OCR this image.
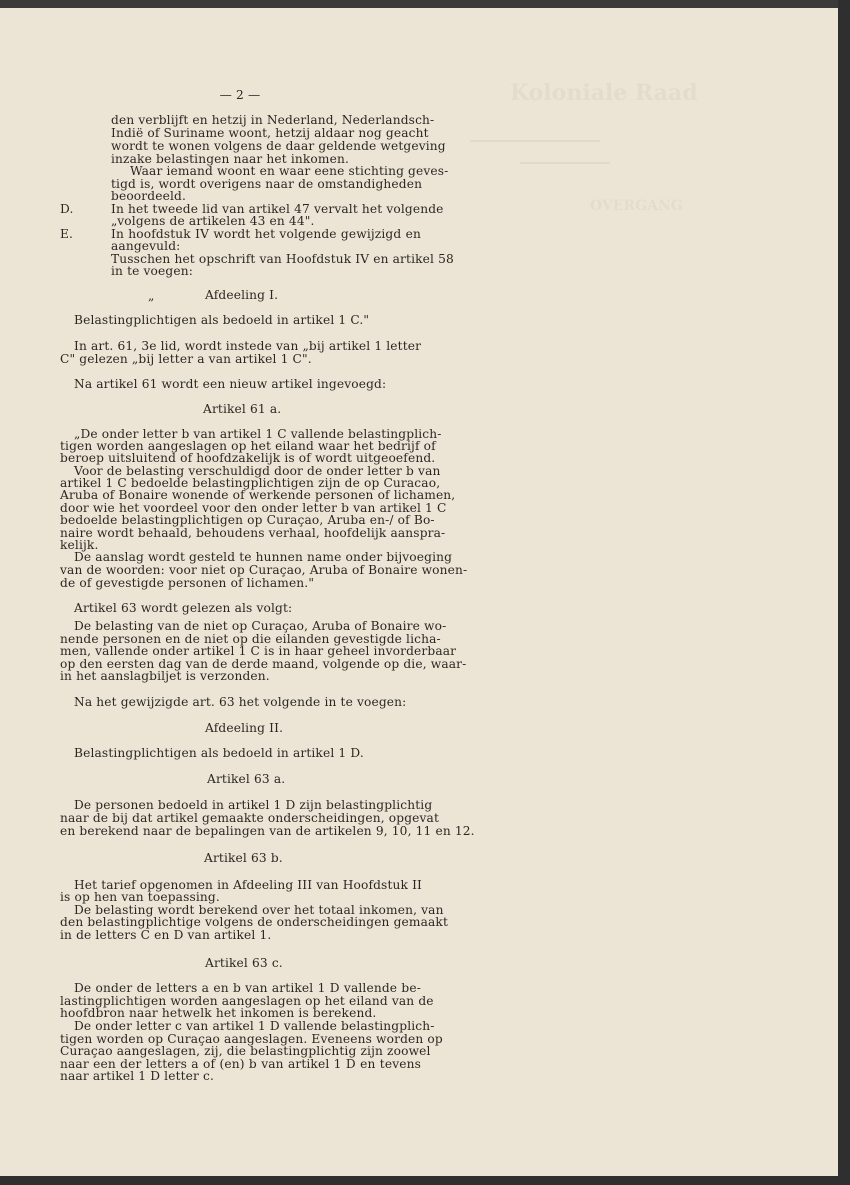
Koloniale Raad
OVERGANG
— 2 —
den verblijft en hetzij in Nederland, Nederlandsch-
Indië of Suriname woont, hetzij aldaar nog geacht
wordt te wonen volgens de daar geldende wetgeving
inzake belastingen naar het inkomen.
Waar iemand woont en waar eene stichting geves-
tigd is, wordt overigens naar de omstandigheden
beoordeeld.
D.	In het tweede lid van artikel 47 vervalt het volgende
„volgens de artikelen 43 en 44".
E.	In hoofdstuk IV wordt het volgende gewijzigd en
aangevuld:
Tusschen het opschrift van Hoofdstuk IV en artikel 58
in te voegen:
„	Afdeeling I.
Belastingplichtigen als bedoeld in artikel 1 C."
In art. 61, 3e lid, wordt instede van „bij artikel 1 letter
C" gelezen „bij letter a van artikel 1 C".
Na artikel 61 wordt een nieuw artikel ingevoegd:
Artikel 61 a.
„De onder letter b van artikel 1 C vallende belastingplich-
tigen worden aangeslagen op het eiland waar het bedrijf of
beroep uitsluitend of hoofdzakelijk is of wordt uitgeoefend.
Voor de belasting verschuldigd door de onder letter b van
artikel 1 C bedoelde belastingplichtigen zijn de op Curacao,
Aruba of Bonaire wonende of werkende personen of lichamen,
door wie het voordeel voor den onder letter b van artikel 1 C
bedoelde belastingplichtigen op Curaçao, Aruba en-/ of Bo-
naire wordt behaald, behoudens verhaal, hoofdelijk aanspra-
kelijk.
De aanslag wordt gesteld te hunnen name onder bijvoeging
van de woorden: voor niet op Curaçao, Aruba of Bonaire wonen-
de of gevestigde personen of lichamen."
Artikel 63 wordt gelezen als volgt:
De belasting van de niet op Curaçao, Aruba of Bonaire wo-
nende personen en de niet op die eilanden gevestigde licha-
men, vallende onder artikel 1 C is in haar geheel invorderbaar
op den eersten dag van de derde maand, volgende op die, waar-
in het aanslagbiljet is verzonden.
Na het gewijzigde art. 63 het volgende in te voegen:
Afdeeling II.
Belastingplichtigen als bedoeld in artikel 1 D.
Artikel 63 a.
De personen bedoeld in artikel 1 D zijn belastingplichtig
naar de bij dat artikel gemaakte onderscheidingen, opgevat
en berekend naar de bepalingen van de artikelen 9, 10, 11 en 12.
Artikel 63 b.
Het tarief opgenomen in Afdeeling III van Hoofdstuk II
is op hen van toepassing.
De belasting wordt berekend over het totaal inkomen, van
den belastingplichtige volgens de onderscheidingen gemaakt
in de letters C en D van artikel 1.
Artikel 63 c.
De onder de letters a en b van artikel 1 D vallende be-
lastingplichtigen worden aangeslagen op het eiland van de
hoofdbron naar hetwelk het inkomen is berekend.
De onder letter c van artikel 1 D vallende belastingplich-
tigen worden op Curaçao aangeslagen. Eveneens worden op
Curaçao aangeslagen, zij, die belastingplichtig zijn zoowel
naar een der letters a of (en) b van artikel 1 D en tevens
naar artikel 1 D letter c.
